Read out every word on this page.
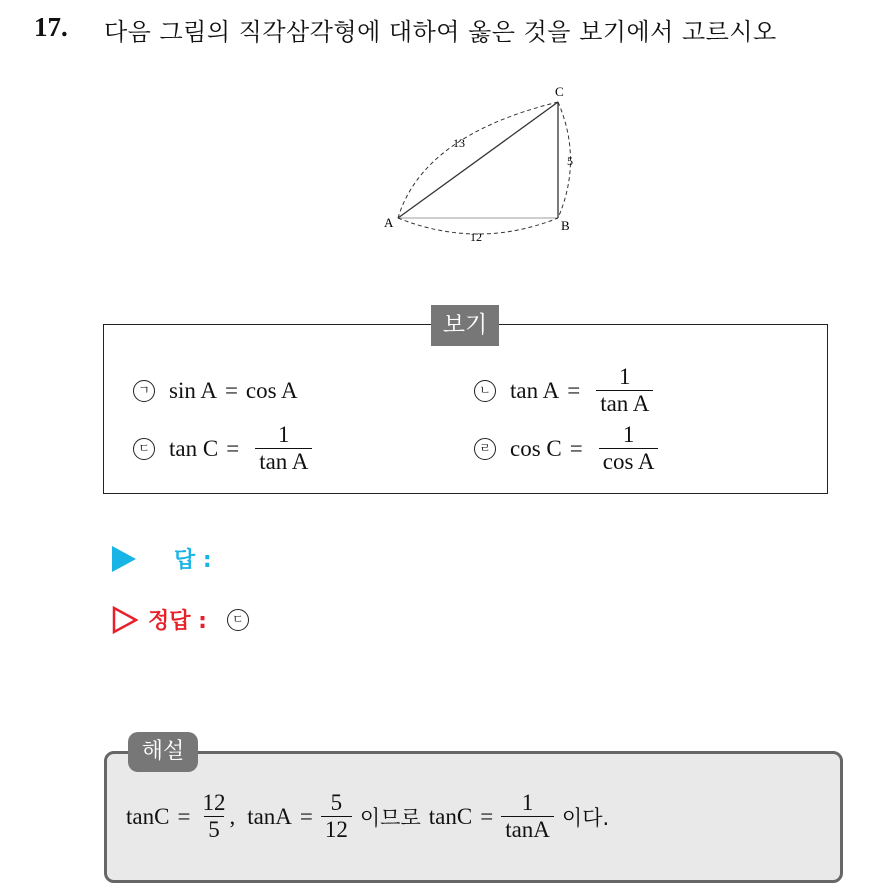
17. 다음 그림의 직각삼각형에 대하여 옳은 것을 보기에서 고르시오
A	B
C
13
12
5
보기
ㄱ sin A = cos A	ㄴ $\tan A = \frac{1}{\text{tan A}}$
ㄷ $\tan C = \frac{1}{\text{tan A}}$	ㄹ $\cos C = \frac{1}{\text{cos A}}$
답 :
정답 :	ㄷ
해설
$\tan C = \frac{12}{5}$ , $\tan A = \frac{5}{12}$ 이므로 $\tan C = \frac{1}{\tan A}$ 이다.
